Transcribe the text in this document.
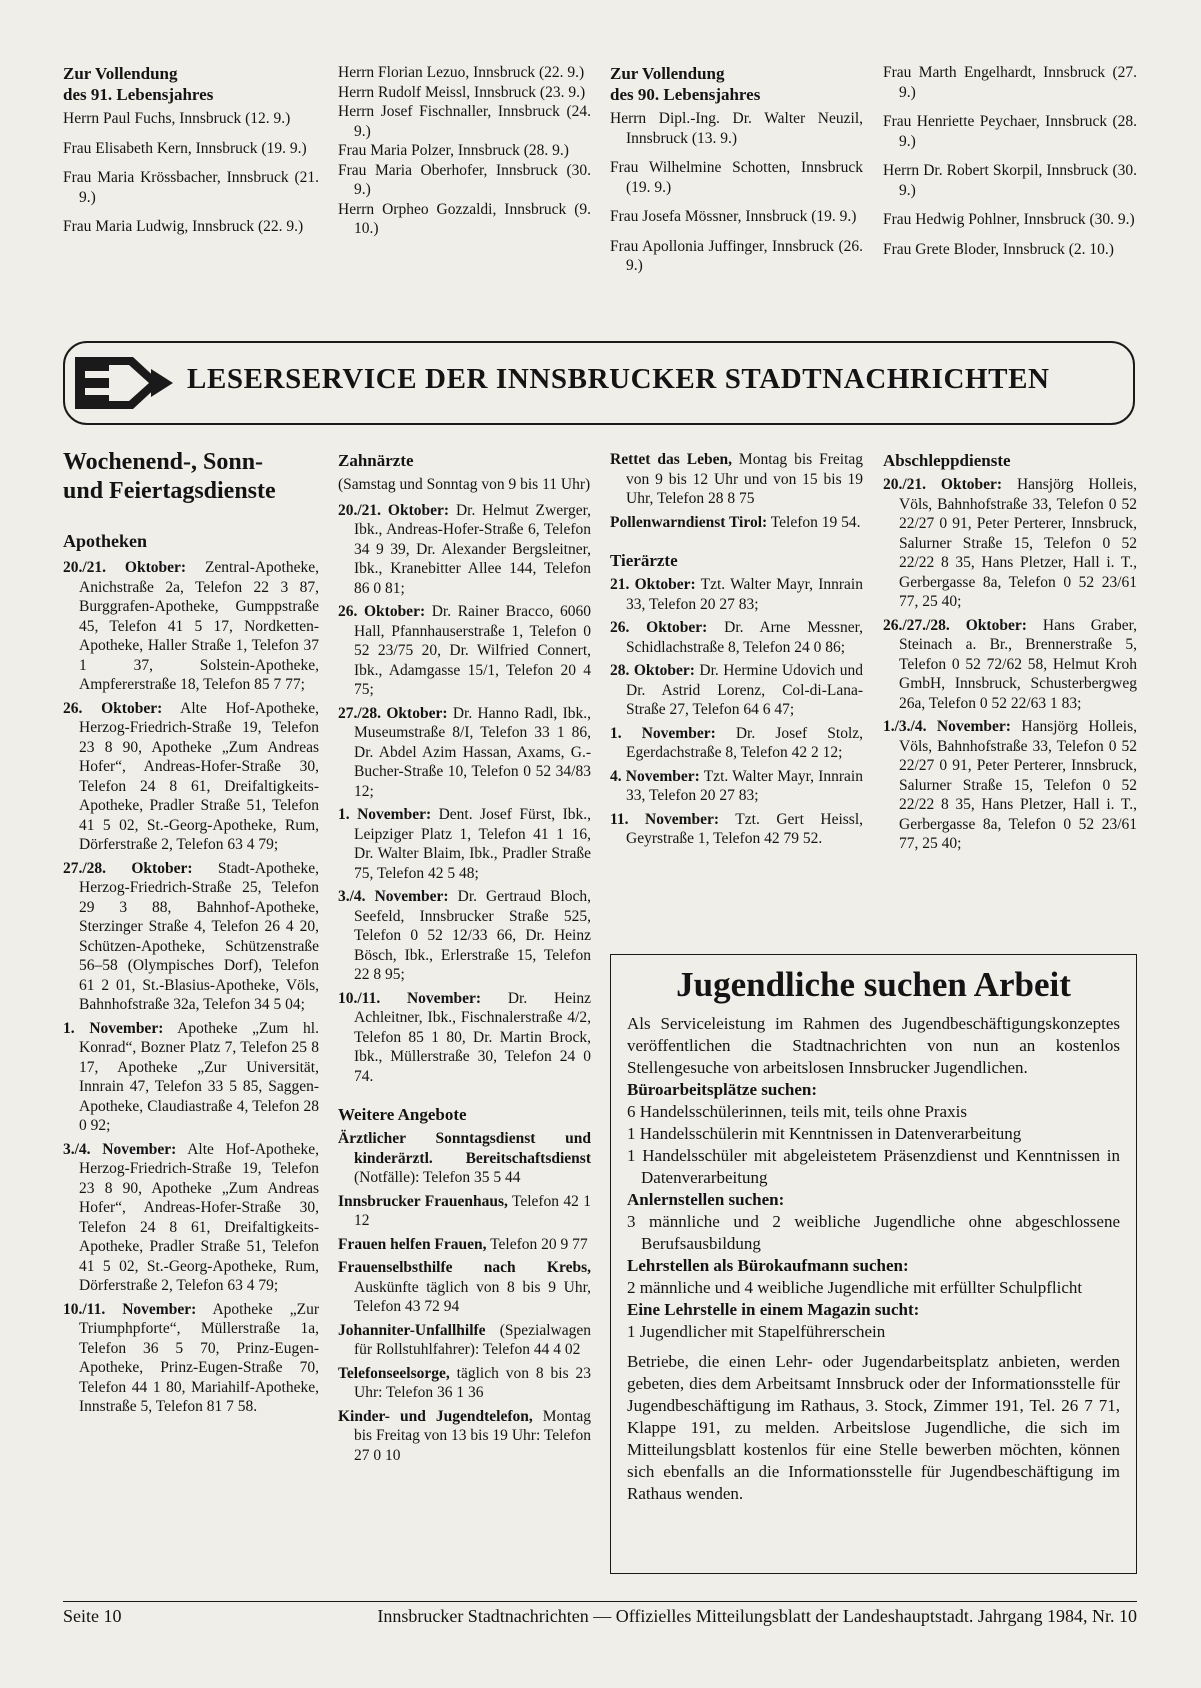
Zur Vollendung
des 91. Lebensjahres

Herrn Paul Fuchs, Innsbruck (12. 9.)

Frau Elisabeth Kern, Innsbruck (19. 9.)

Frau Maria Krössbacher, Innsbruck (21. 9.)

Frau Maria Ludwig, Innsbruck (22. 9.)

Herrn Florian Lezuo, Innsbruck (22. 9.)

Herrn Rudolf Meissl, Innsbruck (23. 9.)

Herrn Josef Fischnaller, Innsbruck (24. 9.)

Frau Maria Polzer, Innsbruck (28. 9.)

Frau Maria Oberhofer, Innsbruck (30. 9.)

Herrn Orpheo Gozzaldi, Innsbruck (9. 10.)

Zur Vollendung
des 90. Lebensjahres

Herrn Dipl.-Ing. Dr. Walter Neuzil, Innsbruck (13. 9.)

Frau Wilhelmine Schotten, Innsbruck (19. 9.)

Frau Josefa Mössner, Innsbruck (19. 9.)

Frau Apollonia Juffinger, Innsbruck (26. 9.)

Frau Marth Engelhardt, Innsbruck (27. 9.)

Frau Henriette Peychaer, Innsbruck (28. 9.)

Herrn Dr. Robert Skorpil, Innsbruck (30. 9.)

Frau Hedwig Pohlner, Innsbruck (30. 9.)

Frau Grete Bloder, Innsbruck (2. 10.)

LESERSERVICE DER INNSBRUCKER STADTNACHRICHTEN
Wochenend-, Sonn-
und Feiertagsdienste
Apotheken

20./21. Oktober: Zentral-Apotheke, Anichstraße 2a, Telefon 22 3 87, Burggrafen-Apotheke, Gumppstraße 45, Telefon 41 5 17, Nordketten-Apotheke, Haller Straße 1, Telefon 37 1 37, Solstein-Apotheke, Ampfererstraße 18, Telefon 85 7 77;

26. Oktober: Alte Hof-Apotheke, Herzog-Friedrich-Straße 19, Telefon 23 8 90, Apotheke „Zum Andreas Hofer“, Andreas-Hofer-Straße 30, Telefon 24 8 61, Dreifaltigkeits-Apotheke, Pradler Straße 51, Telefon 41 5 02, St.-Georg-Apotheke, Rum, Dörferstraße 2, Telefon 63 4 79;

27./28. Oktober: Stadt-Apotheke, Herzog-Friedrich-Straße 25, Telefon 29 3 88, Bahnhof-Apotheke, Sterzinger Straße 4, Telefon 26 4 20, Schützen-Apotheke, Schützenstraße 56–58 (Olympisches Dorf), Telefon 61 2 01, St.-Blasius-Apotheke, Völs, Bahnhofstraße 32a, Telefon 34 5 04;

1. November: Apotheke „Zum hl. Konrad“, Bozner Platz 7, Telefon 25 8 17, Apotheke „Zur Universität, Innrain 47, Telefon 33 5 85, Saggen-Apotheke, Claudiastraße 4, Telefon 28 0 92;

3./4. November: Alte Hof-Apotheke, Herzog-Friedrich-Straße 19, Telefon 23 8 90, Apotheke „Zum Andreas Hofer“, Andreas-Hofer-Straße 30, Telefon 24 8 61, Dreifaltigkeits-Apotheke, Pradler Straße 51, Telefon 41 5 02, St.-Georg-Apotheke, Rum, Dörferstraße 2, Telefon 63 4 79;

10./11. November: Apotheke „Zur Triumphpforte“, Müllerstraße 1a, Telefon 36 5 70, Prinz-Eugen-Apotheke, Prinz-Eugen-Straße 70, Telefon 44 1 80, Mariahilf-Apotheke, Innstraße 5, Telefon 81 7 58.

Zahnärzte

(Samstag und Sonntag von 9 bis 11 Uhr)

20./21. Oktober: Dr. Helmut Zwerger, Ibk., Andreas-Hofer-Straße 6, Telefon 34 9 39, Dr. Alexander Bergsleitner, Ibk., Kranebitter Allee 144, Telefon 86 0 81;

26. Oktober: Dr. Rainer Bracco, 6060 Hall, Pfannhauserstraße 1, Telefon 0 52 23/75 20, Dr. Wilfried Connert, Ibk., Adamgasse 15/1, Telefon 20 4 75;

27./28. Oktober: Dr. Hanno Radl, Ibk., Museumstraße 8/I, Telefon 33 1 86, Dr. Abdel Azim Hassan, Axams, G.-Bucher-Straße 10, Telefon 0 52 34/83 12;

1. November: Dent. Josef Fürst, Ibk., Leipziger Platz 1, Telefon 41 1 16, Dr. Walter Blaim, Ibk., Pradler Straße 75, Telefon 42 5 48;

3./4. November: Dr. Gertraud Bloch, Seefeld, Innsbrucker Straße 525, Telefon 0 52 12/33 66, Dr. Heinz Bösch, Ibk., Erlerstraße 15, Telefon 22 8 95;

10./11. November: Dr. Heinz Achleitner, Ibk., Fischnalerstraße 4/2, Telefon 85 1 80, Dr. Martin Brock, Ibk., Müllerstraße 30, Telefon 24 0 74.

Weitere Angebote

Ärztlicher Sonntagsdienst und kinderärztl. Bereitschaftsdienst (Notfälle): Telefon 35 5 44

Innsbrucker Frauenhaus, Telefon 42 1 12

Frauen helfen Frauen, Telefon 20 9 77

Frauenselbsthilfe nach Krebs, Auskünfte täglich von 8 bis 9 Uhr, Telefon 43 72 94

Johanniter-Unfallhilfe (Spezialwagen für Rollstuhlfahrer): Telefon 44 4 02

Telefonseelsorge, täglich von 8 bis 23 Uhr: Telefon 36 1 36

Kinder- und Jugendtelefon, Montag bis Freitag von 13 bis 19 Uhr: Telefon 27 0 10

Rettet das Leben, Montag bis Freitag von 9 bis 12 Uhr und von 15 bis 19 Uhr, Telefon 28 8 75

Pollenwarndienst Tirol: Telefon 19 54.

Tierärzte

21. Oktober: Tzt. Walter Mayr, Innrain 33, Telefon 20 27 83;

26. Oktober: Dr. Arne Messner, Schidlachstraße 8, Telefon 24 0 86;

28. Oktober: Dr. Hermine Udovich und Dr. Astrid Lorenz, Col-di-Lana-Straße 27, Telefon 64 6 47;

1. November: Dr. Josef Stolz, Egerdachstraße 8, Telefon 42 2 12;

4. November: Tzt. Walter Mayr, Innrain 33, Telefon 20 27 83;

11. November: Tzt. Gert Heissl, Geyrstraße 1, Telefon 42 79 52.

Abschleppdienste

20./21. Oktober: Hansjörg Holleis, Völs, Bahnhofstraße 33, Telefon 0 52 22/27 0 91, Peter Perterer, Innsbruck, Salurner Straße 15, Telefon 0 52 22/22 8 35, Hans Pletzer, Hall i. T., Gerbergasse 8a, Telefon 0 52 23/61 77, 25 40;

26./27./28. Oktober: Hans Graber, Steinach a. Br., Brennerstraße 5, Telefon 0 52 72/62 58, Helmut Kroh GmbH, Innsbruck, Schusterbergweg 26a, Telefon 0 52 22/63 1 83;

1./3./4. November: Hansjörg Holleis, Völs, Bahnhofstraße 33, Telefon 0 52 22/27 0 91, Peter Perterer, Innsbruck, Salurner Straße 15, Telefon 0 52 22/22 8 35, Hans Pletzer, Hall i. T., Gerbergasse 8a, Telefon 0 52 23/61 77, 25 40;

Jugendliche suchen Arbeit

Als Serviceleistung im Rahmen des Jugendbeschäftigungskonzeptes veröffentlichen die Stadtnachrichten von nun an kostenlos Stellengesuche von arbeitslosen Innsbrucker Jugendlichen.

Büroarbeitsplätze suchen:

6 Handelsschülerinnen, teils mit, teils ohne Praxis

1 Handelsschülerin mit Kenntnissen in Datenverarbeitung

1 Handelsschüler mit abgeleistetem Präsenzdienst und Kenntnissen in Datenverarbeitung

Anlernstellen suchen:

3 männliche und 2 weibliche Jugendliche ohne abgeschlossene Berufsausbildung

Lehrstellen als Bürokaufmann suchen:

2 männliche und 4 weibliche Jugendliche mit erfüllter Schulpflicht

Eine Lehrstelle in einem Magazin sucht:

1 Jugendlicher mit Stapelführerschein

Betriebe, die einen Lehr- oder Jugendarbeitsplatz anbieten, werden gebeten, dies dem Arbeitsamt Innsbruck oder der Informationsstelle für Jugendbeschäftigung im Rathaus, 3. Stock, Zimmer 191, Tel. 26 7 71, Klappe 191, zu melden. Arbeitslose Jugendliche, die sich im Mitteilungsblatt kostenlos für eine Stelle bewerben möchten, können sich ebenfalls an die Informationsstelle für Jugendbeschäftigung im Rathaus wenden.

Seite 10	Innsbrucker Stadtnachrichten — Offizielles Mitteilungsblatt der Landeshauptstadt. Jahrgang 1984, Nr. 10
